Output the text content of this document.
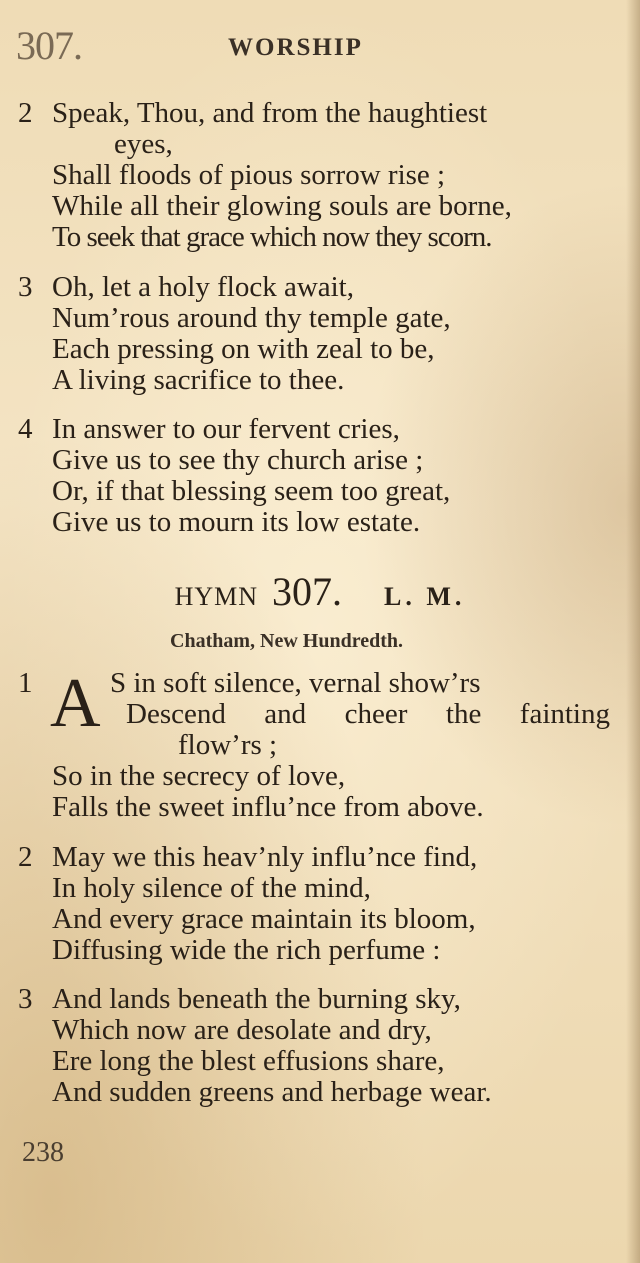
307.	WORSHIP
2 Speak, Thou, and from the haughtiest
eyes,
Shall floods of pious sorrow rise ;
While all their glowing souls are borne,
To seek that grace which now they scorn.
3 Oh, let a holy flock await,
Num’rous around thy temple gate,
Each pressing on with zeal to be,
A living sacrifice to thee.
4 In answer to our fervent cries,
Give us to see thy church arise ;
Or, if that blessing seem too great,
Give us to mourn its low estate.
HYMN 307. L. M.
Chatham, New Hundredth.
1 A S in soft silence, vernal show’rs
Descend and cheer the fainting
flow’rs ;
So in the secrecy of love,
Falls the sweet influ’nce from above.
2 May we this heav’nly influ’nce find,
In holy silence of the mind,
And every grace maintain its bloom,
Diffusing wide the rich perfume :
3 And lands beneath the burning sky,
Which now are desolate and dry,
Ere long the blest effusions share,
And sudden greens and herbage wear.
238
